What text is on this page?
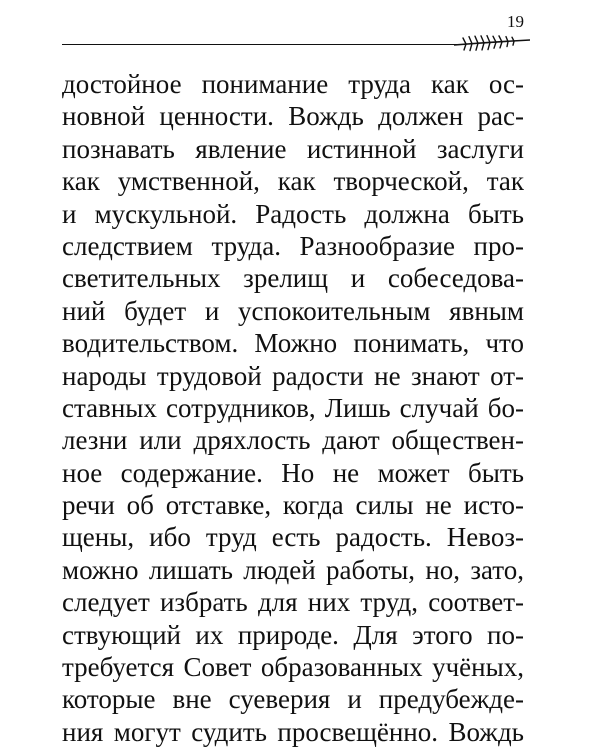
19
достойное понимание труда как ос-
новной ценности. Вождь должен рас-
познавать явление истинной заслуги
как умственной, как творческой, так
и мускульной. Радость должна быть
следствием труда. Разнообразие про-
светительных зрелищ и собеседова-
ний будет и успокоительным явным
водительством. Можно понимать, что
народы трудовой радости не знают от-
ставных сотрудников, Лишь случай бо-
лезни или дряхлость дают обществен-
ное содержание. Но не может быть
речи об отставке, когда силы не исто-
щены, ибо труд есть радость. Невоз-
можно лишать людей работы, но, зато,
следует избрать для них труд, соответ-
ствующий их природе. Для этого по-
требуется Совет образованных учёных,
которые вне суеверия и предубежде-
ния могут судить просвещённо. Вождь
